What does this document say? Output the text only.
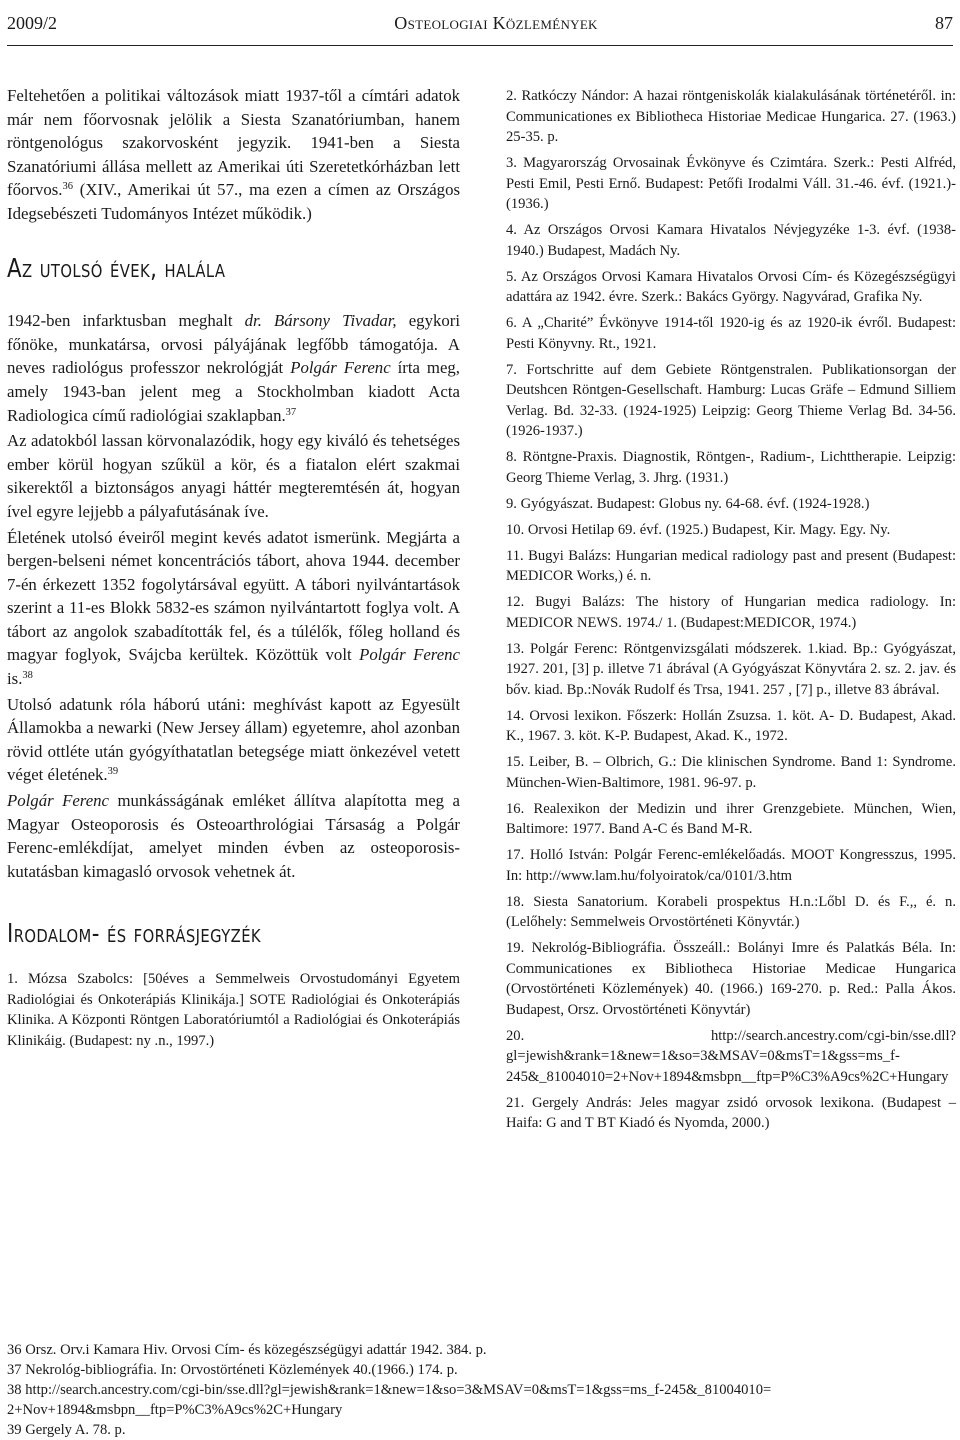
2009/2	Osteologiai Közlemények	87

Feltehetően a politikai változások miatt 1937-től a címtári adatok már nem főorvosnak jelölik a Siesta Szanatóriumban, hanem röntgenológus szakorvosként jegyzik. 1941-ben a Siesta Szanatóriumi állása mellett az Amerikai úti Szeretetkórházban lett főorvos.$^{36}$ (XIV., Amerikai út 57., ma ezen a címen az Országos Idegsebészeti Tudományos Intézet működik.)

Az utolsó évek, halála

1942-ben infarktusban meghalt dr. Bársony Tivadar, egykori főnöke, munkatársa, orvosi pályájának legfőbb támogatója. A neves radiológus professzor nekrológját Polgár Ferenc írta meg, amely 1943-ban jelent meg a Stockholmban kiadott Acta Radiologica című radiológiai szaklapban.$^{37}$

Az adatokból lassan körvonalazódik, hogy egy kiváló és tehetséges ember körül hogyan szűkül a kör, és a fiatalon elért szakmai sikerektől a biztonságos anyagi háttér megteremtésén át, hogyan ível egyre lejjebb a pályafutásának íve.

Életének utolsó éveiről megint kevés adatot ismerünk. Megjárta a bergen-belseni német koncentrációs tábort, ahova 1944. december 7-én érkezett 1352 fogolytársával együtt. A tábori nyilvántartások szerint a 11-es Blokk 5832-es számon nyilvántartott foglya volt. A tábort az angolok szabadították fel, és a túlélők, főleg holland és magyar foglyok, Svájcba kerültek. Közöttük volt Polgár Ferenc is.$^{38}$

Utolsó adatunk róla háború utáni: meghívást kapott az Egyesült Államokba a newarki (New Jersey állam) egyetemre, ahol azonban rövid ottléte után gyógyíthatatlan betegsége miatt önkezével vetett véget életének.$^{39}$

Polgár Ferenc munkásságának emléket állítva alapította meg a Magyar Osteoporosis és Osteoarthrológiai Társaság a Polgár Ferenc-emlékdíjat, amelyet minden évben az osteoporosis-kutatásban kimagasló orvosok vehetnek át.

Irodalom- és forrásjegyzék

1. Mózsa Szabolcs: [50éves a Semmelweis Orvostudományi Egyetem Radiológiai és Onkoterápiás Klinikája.] SOTE Radiológiai és Onkoterápiás Klinika. A Központi Röntgen Laboratóriumtól a Radiológiai és Onkoterápiás Klinikáig. (Budapest: ny .n., 1997.)

2. Ratkóczy Nándor: A hazai röntgeniskolák kialakulásának történetéről. in: Communicationes ex Bibliotheca Historiae Medicae Hungarica. 27. (1963.) 25-35. p.

3. Magyarország Orvosainak Évkönyve és Czimtára. Szerk.: Pesti Alfréd, Pesti Emil, Pesti Ernő. Budapest: Petőfi Irodalmi Váll. 31.-46. évf. (1921.)-(1936.)

4. Az Országos Orvosi Kamara Hivatalos Névjegyzéke 1-3. évf. (1938-1940.) Budapest, Madách Ny.

5. Az Országos Orvosi Kamara Hivatalos Orvosi Cím- és Közegészségügyi adattára az 1942. évre. Szerk.: Bakács György. Nagyvárad, Grafika Ny.

6. A „Charité” Évkönyve 1914-től 1920-ig és az 1920-ik évről. Budapest: Pesti Könyvny. Rt., 1921.

7. Fortschritte auf dem Gebiete Röntgenstralen. Publikationsorgan der Deutshcen Röntgen-Gesellschaft. Hamburg: Lucas Gräfe – Edmund Silliem Verlag. Bd. 32-33. (1924-1925) Leipzig: Georg Thieme Verlag Bd. 34-56. (1926-1937.)

8. Röntgne-Praxis. Diagnostik, Röntgen-, Radium-, Lichttherapie. Leipzig: Georg Thieme Verlag, 3. Jhrg. (1931.)

9. Gyógyászat. Budapest: Globus ny. 64-68. évf. (1924-1928.)

10. Orvosi Hetilap 69. évf. (1925.) Budapest, Kir. Magy. Egy. Ny.

11. Bugyi Balázs: Hungarian medical radiology past and present (Budapest: MEDICOR Works,) é. n.

12. Bugyi Balázs: The history of Hungarian medica radiology. In: MEDICOR NEWS. 1974./ 1. (Budapest:MEDICOR, 1974.)

13. Polgár Ferenc: Röntgenvizsgálati módszerek. 1.kiad. Bp.: Gyógyászat, 1927. 201, [3] p. illetve 71 ábrával (A Gyógyászat Könyvtára 2. sz. 2. jav. és bőv. kiad. Bp.:Novák Rudolf és Trsa, 1941. 257 , [7] p., illetve 83 ábrával.

14. Orvosi lexikon. Főszerk: Hollán Zsuzsa. 1. köt. A- D. Budapest, Akad. K., 1967. 3. köt. K-P. Budapest, Akad. K., 1972.

15. Leiber, B. – Olbrich, G.: Die klinischen Syndrome. Band 1: Syndrome. München-Wien-Baltimore, 1981. 96-97. p.

16. Realexikon der Medizin und ihrer Grenzgebiete. München, Wien, Baltimore: 1977. Band A-C és Band M-R.

17. Holló István: Polgár Ferenc-emlékelőadás. MOOT Kongresszus, 1995. In: http://www.lam.hu/folyoiratok/ca/0101/3.htm

18. Siesta Sanatorium. Korabeli prospektus H.n.:Lőbl D. és F.,, é. n. (Lelőhely: Semmelweis Orvostörténeti Könyvtár.)

19. Nekrológ-Bibliográfia. Összeáll.: Bolányi Imre és Palatkás Béla. In: Communicationes ex Bibliotheca Historiae Medicae Hungarica (Orvostörténeti Közlemények) 40. (1966.) 169-270. p. Red.: Palla Ákos. Budapest, Orsz. Orvostörténeti Könyvtár)

20. http://search.ancestry.com/cgi-bin/sse.dll?gl=jewish&rank=1&new=1&so=3&MSAV=0&msT=1&gss=ms_f-245&_81004010=2+Nov+1894&msbpn__ftp=P%C3%A9cs%2C+Hungary

21. Gergely András: Jeles magyar zsidó orvosok lexikona. (Budapest – Haifa: G and T BT Kiadó és Nyomda, 2000.)

36 Orsz. Orv.i Kamara Hiv. Orvosi Cím- és közegészségügyi adattár 1942. 384. p.

37 Nekrológ-bibliográfia. In: Orvostörténeti Közlemények 40.(1966.) 174. p.

38 http://search.ancestry.com/cgi-bin/sse.dll?gl=jewish&rank=1&new=1&so=3&MSAV=0&msT=1&gss=ms_f-245&_81004010= 2+Nov+1894&msbpn__ftp=P%C3%A9cs%2C+Hungary

39 Gergely A. 78. p.
